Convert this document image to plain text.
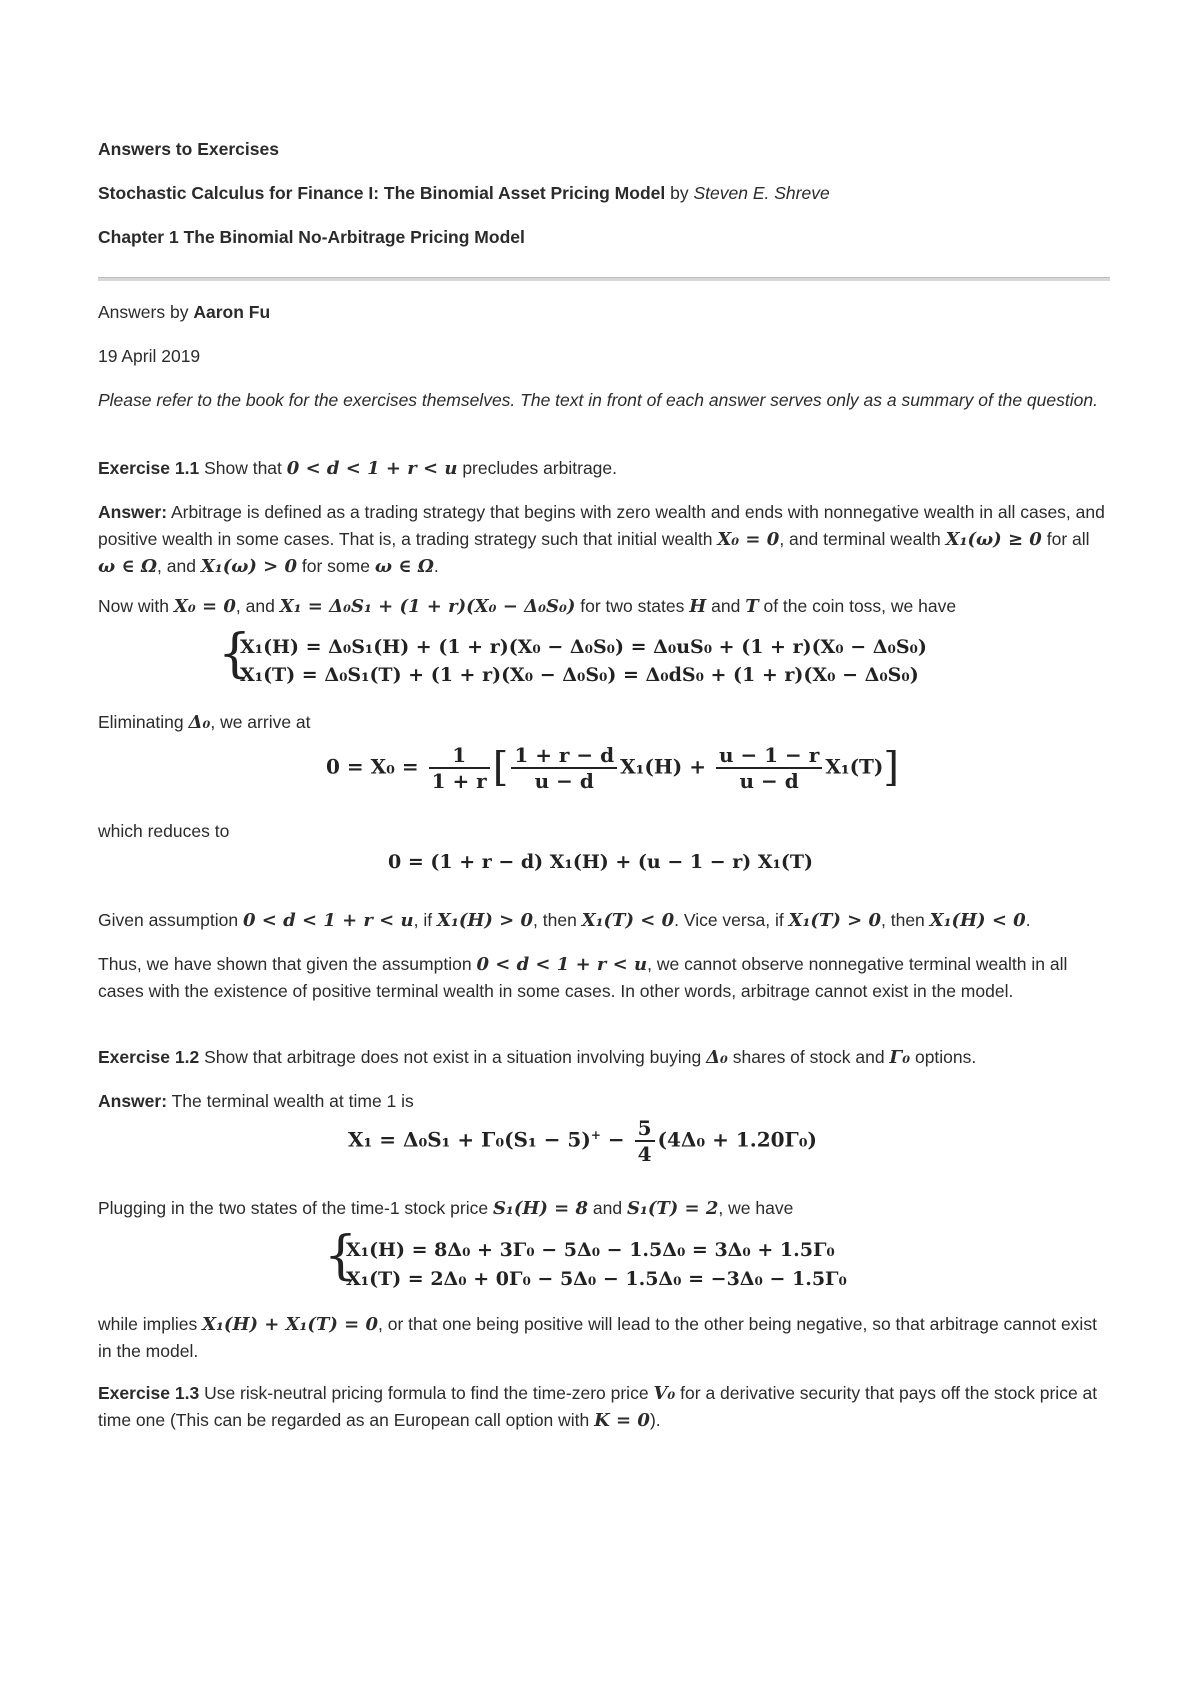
Answers to Exercises
Stochastic Calculus for Finance I: The Binomial Asset Pricing Model by Steven E. Shreve
Chapter 1 The Binomial No-Arbitrage Pricing Model
Answers by Aaron Fu
19 April 2019
Please refer to the book for the exercises themselves. The text in front of each answer serves only as a summary of the question.
Exercise 1.1 Show that 0 < d < 1 + r < u precludes arbitrage.
Answer: Arbitrage is defined as a trading strategy that begins with zero wealth and ends with nonnegative wealth in all cases, and positive wealth in some cases. That is, a trading strategy such that initial wealth X₀ = 0, and terminal wealth X₁(ω) ≥ 0 for all ω ∈ Ω, and X₁(ω) > 0 for some ω ∈ Ω.
Now with X₀ = 0, and X₁ = Δ₀S₁ + (1 + r)(X₀ − Δ₀S₀) for two states H and T of the coin toss, we have
{
X₁(H) = Δ₀S₁(H) + (1 + r)(X₀ − Δ₀S₀) = Δ₀uS₀ + (1 + r)(X₀ − Δ₀S₀)
X₁(T) = Δ₀S₁(T) + (1 + r)(X₀ − Δ₀S₀) = Δ₀dS₀ + (1 + r)(X₀ − Δ₀S₀)
Eliminating Δ₀, we arrive at
$0 = X_0 = \frac{1}{1 + r}$ [ $\frac{1 + r - d}{u - d} X_1(H) + \frac{u - 1 - r}{u - d} X_1(T)$]
which reduces to
0 = (1 + r − d) X₁(H) + (u − 1 − r) X₁(T)
Given assumption 0 < d < 1 + r < u, if X₁(H) > 0, then X₁(T) < 0. Vice versa, if X₁(T) > 0, then X₁(H) < 0.
Thus, we have shown that given the assumption 0 < d < 1 + r < u, we cannot observe nonnegative terminal wealth in all cases with the existence of positive terminal wealth in some cases. In other words, arbitrage cannot exist in the model.
Exercise 1.2 Show that arbitrage does not exist in a situation involving buying Δ₀ shares of stock and Γ₀ options.
Answer: The terminal wealth at time 1 is
$X_1 = \Delta_0S_1 + \Gamma_0(S_1 - 5)^+ - \frac{5}{4} (4\Delta_0 + 1.20\Gamma_0)$
Plugging in the two states of the time-1 stock price S₁(H) = 8 and S₁(T) = 2, we have
{
X₁(H) = 8Δ₀ + 3Γ₀ − 5Δ₀ − 1.5Δ₀ = 3Δ₀ + 1.5Γ₀
X₁(T) = 2Δ₀ + 0Γ₀ − 5Δ₀ − 1.5Δ₀ = −3Δ₀ − 1.5Γ₀
while implies X₁(H) + X₁(T) = 0, or that one being positive will lead to the other being negative, so that arbitrage cannot exist in the model.
Exercise 1.3 Use risk-neutral pricing formula to find the time-zero price V₀ for a derivative security that pays off the stock price at time one (This can be regarded as an European call option with K = 0).
